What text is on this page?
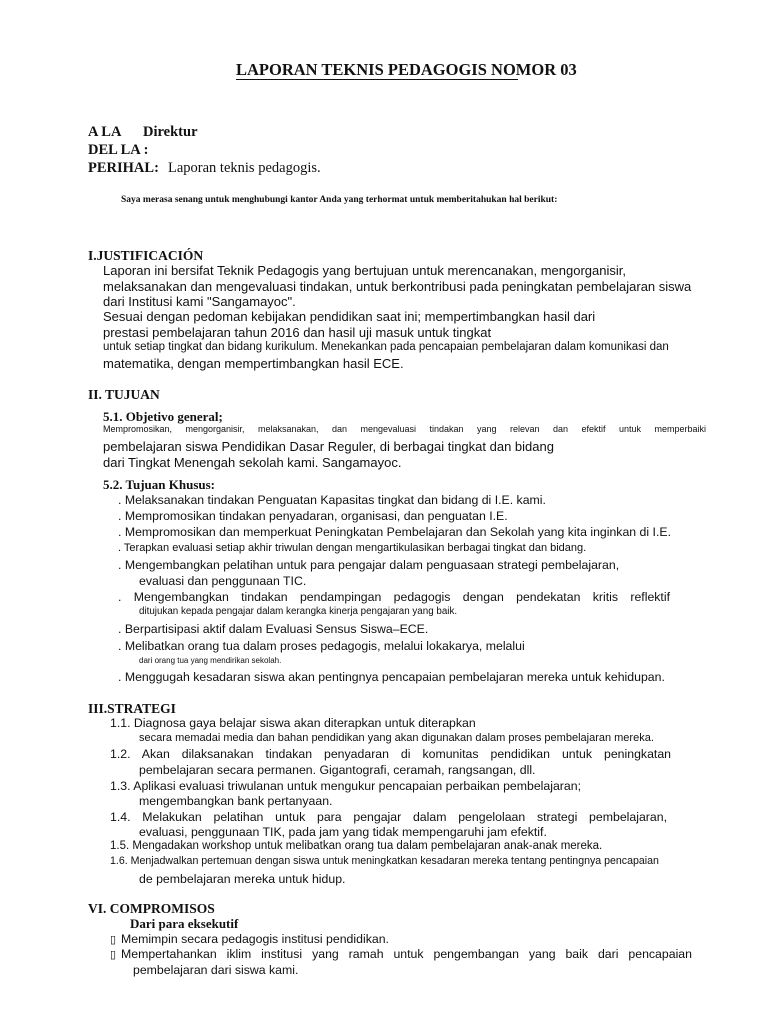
LAPORAN TEKNIS PEDAGOGIS NOMOR 03
A LA Direktur
DEL LA :
PERIHAL: Laporan teknis pedagogis.
Saya merasa senang untuk menghubungi kantor Anda yang terhormat untuk memberitahukan hal berikut:
I.JUSTIFICACIÓN
Laporan ini bersifat Teknik Pedagogis yang bertujuan untuk merencanakan, mengorganisir,
melaksanakan dan mengevaluasi tindakan, untuk berkontribusi pada peningkatan pembelajaran siswa
dari Institusi kami "Sangamayoc".
Sesuai dengan pedoman kebijakan pendidikan saat ini; mempertimbangkan hasil dari
prestasi pembelajaran tahun 2016 dan hasil uji masuk untuk tingkat
untuk setiap tingkat dan bidang kurikulum. Menekankan pada pencapaian pembelajaran dalam komunikasi dan
matematika, dengan mempertimbangkan hasil ECE.
II. TUJUAN
5.1. Objetivo general;
Mempromosikan, mengorganisir, melaksanakan, dan mengevaluasi tindakan yang relevan dan efektif untuk memperbaiki
pembelajaran siswa Pendidikan Dasar Reguler, di berbagai tingkat dan bidang
dari Tingkat Menengah sekolah kami. Sangamayoc.
5.2. Tujuan Khusus:
. Melaksanakan tindakan Penguatan Kapasitas tingkat dan bidang di I.E. kami.
. Mempromosikan tindakan penyadaran, organisasi, dan penguatan I.E.
. Mempromosikan dan memperkuat Peningkatan Pembelajaran dan Sekolah yang kita inginkan di I.E.
. Terapkan evaluasi setiap akhir triwulan dengan mengartikulasikan berbagai tingkat dan bidang.
. Mengembangkan pelatihan untuk para pengajar dalam penguasaan strategi pembelajaran,
evaluasi dan penggunaan TIC.
. Mengembangkan tindakan pendampingan pedagogis dengan pendekatan kritis reflektif
ditujukan kepada pengajar dalam kerangka kinerja pengajaran yang baik.
. Berpartisipasi aktif dalam Evaluasi Sensus Siswa–ECE.
. Melibatkan orang tua dalam proses pedagogis, melalui lokakarya, melalui
dari orang tua yang mendirikan sekolah.
. Menggugah kesadaran siswa akan pentingnya pencapaian pembelajaran mereka untuk kehidupan.
III.STRATEGI
1.1. Diagnosa gaya belajar siswa akan diterapkan untuk diterapkan
secara memadai media dan bahan pendidikan yang akan digunakan dalam proses pembelajaran mereka.
1.2. Akan dilaksanakan tindakan penyadaran di komunitas pendidikan untuk peningkatan
pembelajaran secara permanen. Gigantografi, ceramah, rangsangan, dll.
1.3. Aplikasi evaluasi triwulanan untuk mengukur pencapaian perbaikan pembelajaran;
mengembangkan bank pertanyaan.
1.4. Melakukan pelatihan untuk para pengajar dalam pengelolaan strategi pembelajaran,
evaluasi, penggunaan TIK, pada jam yang tidak mempengaruhi jam efektif.
1.5. Mengadakan workshop untuk melibatkan orang tua dalam pembelajaran anak-anak mereka.
1.6. Menjadwalkan pertemuan dengan siswa untuk meningkatkan kesadaran mereka tentang pentingnya pencapaian
de pembelajaran mereka untuk hidup.
VI. COMPROMISOS
Dari para eksekutif
▯ Memimpin secara pedagogis institusi pendidikan.
▯ Mempertahankan iklim institusi yang ramah untuk pengembangan yang baik dari pencapaian
pembelajaran dari siswa kami.
